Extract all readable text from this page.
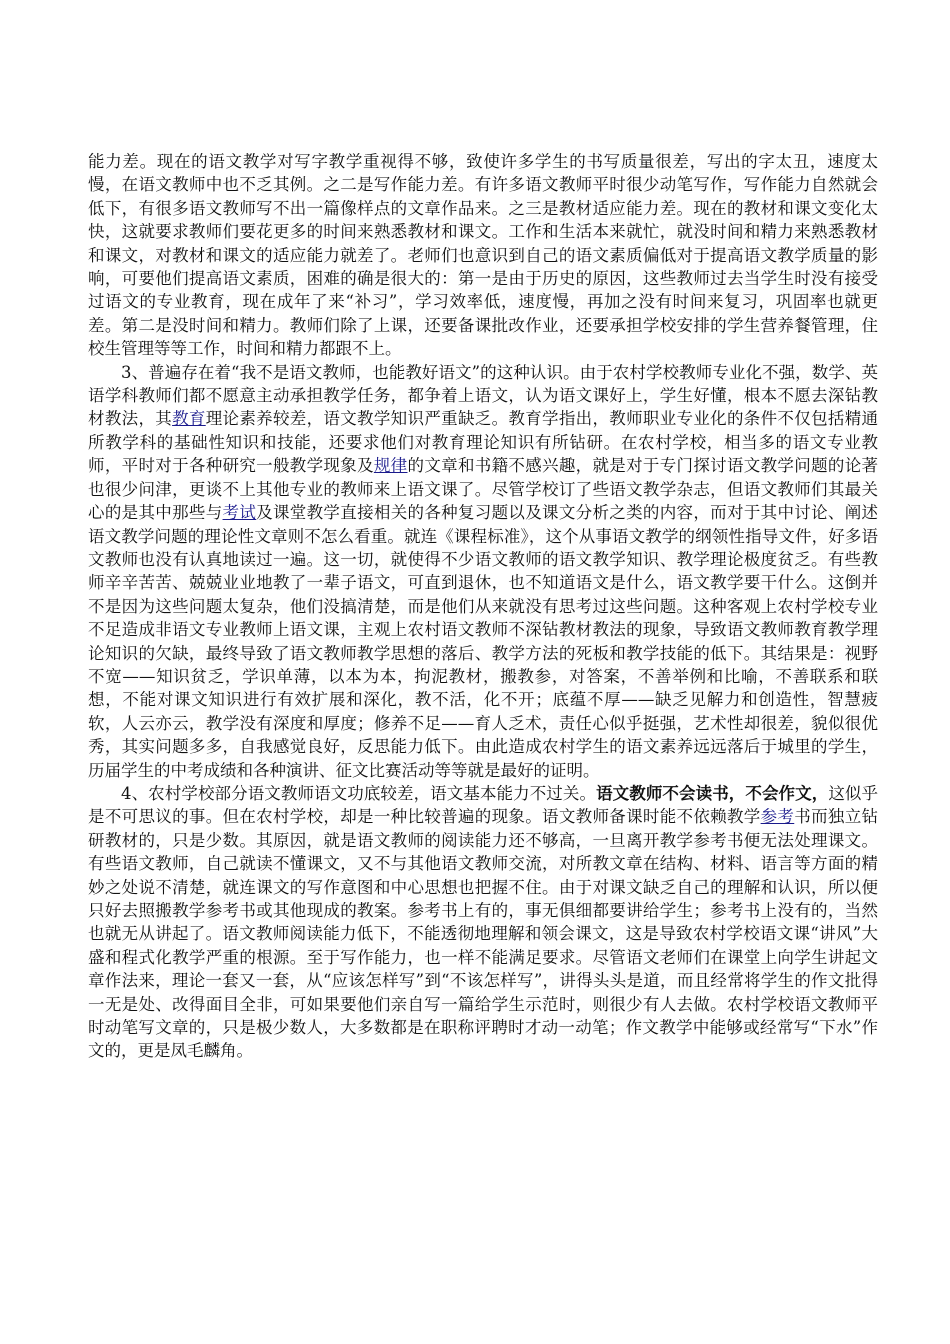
能力差。现在的语文教学对写字教学重视得不够，致使许多学生的书写质量很差，写出的字太丑，速度太慢，在语文教师中也不乏其例。之二是写作能力差。有许多语文教师平时很少动笔写作，写作能力自然就会低下，有很多语文教师写不出一篇像样点的文章作品来。之三是教材适应能力差。现在的教材和课文变化太快，这就要求教师们要花更多的时间来熟悉教材和课文。工作和生活本来就忙，就没时间和精力来熟悉教材和课文，对教材和课文的适应能力就差了。老师们也意识到自己的语文素质偏低对于提高语文教学质量的影响，可要他们提高语文素质，困难的确是很大的：第一是由于历史的原因，这些教师过去当学生时没有接受过语文的专业教育，现在成年了来“补习”，学习效率低，速度慢，再加之没有时间来复习，巩固率也就更差。第二是没时间和精力。教师们除了上课，还要备课批改作业，还要承担学校安排的学生营养餐管理，住校生管理等等工作，时间和精力都跟不上。

3、普遍存在着“我不是语文教师，也能教好语文”的这种认识。由于农村学校教师专业化不强，数学、英语学科教师们都不愿意主动承担教学任务，都争着上语文，认为语文课好上，学生好懂，根本不愿去深钻教材教法，其教育理论素养较差，语文教学知识严重缺乏。教育学指出，教师职业专业化的条件不仅包括精通所教学科的基础性知识和技能，还要求他们对教育理论知识有所钻研。在农村学校，相当多的语文专业教师，平时对于各种研究一般教学现象及规律的文章和书籍不感兴趣，就是对于专门探讨语文教学问题的论著也很少问津，更谈不上其他专业的教师来上语文课了。尽管学校订了些语文教学杂志，但语文教师们其最关心的是其中那些与考试及课堂教学直接相关的各种复习题以及课文分析之类的内容，而对于其中讨论、阐述语文教学问题的理论性文章则不怎么看重。就连《课程标准》，这个从事语文教学的纲领性指导文件，好多语文教师也没有认真地读过一遍。这一切，就使得不少语文教师的语文教学知识、教学理论极度贫乏。有些教师辛辛苦苦、兢兢业业地教了一辈子语文，可直到退休，也不知道语文是什么，语文教学要干什么。这倒并不是因为这些问题太复杂，他们没搞清楚，而是他们从来就没有思考过这些问题。这种客观上农村学校专业不足造成非语文专业教师上语文课，主观上农村语文教师不深钻教材教法的现象，导致语文教师教育教学理论知识的欠缺，最终导致了语文教师教学思想的落后、教学方法的死板和教学技能的低下。其结果是：视野不宽——知识贫乏，学识单薄，以本为本，拘泥教材，搬教参，对答案，不善举例和比喻，不善联系和联想，不能对课文知识进行有效扩展和深化，教不活，化不开；底蕴不厚——缺乏见解力和创造性，智慧疲软，人云亦云，教学没有深度和厚度；修养不足——育人乏术，责任心似乎挺强，艺术性却很差，貌似很优秀，其实问题多多，自我感觉良好，反思能力低下。由此造成农村学生的语文素养远远落后于城里的学生，历届学生的中考成绩和各种演讲、征文比赛活动等等就是最好的证明。

4、农村学校部分语文教师语文功底较差，语文基本能力不过关。语文教师不会读书，不会作文，这似乎是不可思议的事。但在农村学校，却是一种比较普遍的现象。语文教师备课时能不依赖教学参考书而独立钻研教材的，只是少数。其原因，就是语文教师的阅读能力还不够高，一旦离开教学参考书便无法处理课文。有些语文教师，自己就读不懂课文，又不与其他语文教师交流，对所教文章在结构、材料、语言等方面的精妙之处说不清楚，就连课文的写作意图和中心思想也把握不住。由于对课文缺乏自己的理解和认识，所以便只好去照搬教学参考书或其他现成的教案。参考书上有的，事无俱细都要讲给学生；参考书上没有的，当然也就无从讲起了。语文教师阅读能力低下，不能透彻地理解和领会课文，这是导致农村学校语文课“讲风”大盛和程式化教学严重的根源。至于写作能力，也一样不能满足要求。尽管语文老师们在课堂上向学生讲起文章作法来，理论一套又一套，从“应该怎样写”到“不该怎样写”，讲得头头是道，而且经常将学生的作文批得一无是处、改得面目全非，可如果要他们亲自写一篇给学生示范时，则很少有人去做。农村学校语文教师平时动笔写文章的，只是极少数人，大多数都是在职称评聘时才动一动笔；作文教学中能够或经常写“下水”作文的，更是凤毛麟角。
